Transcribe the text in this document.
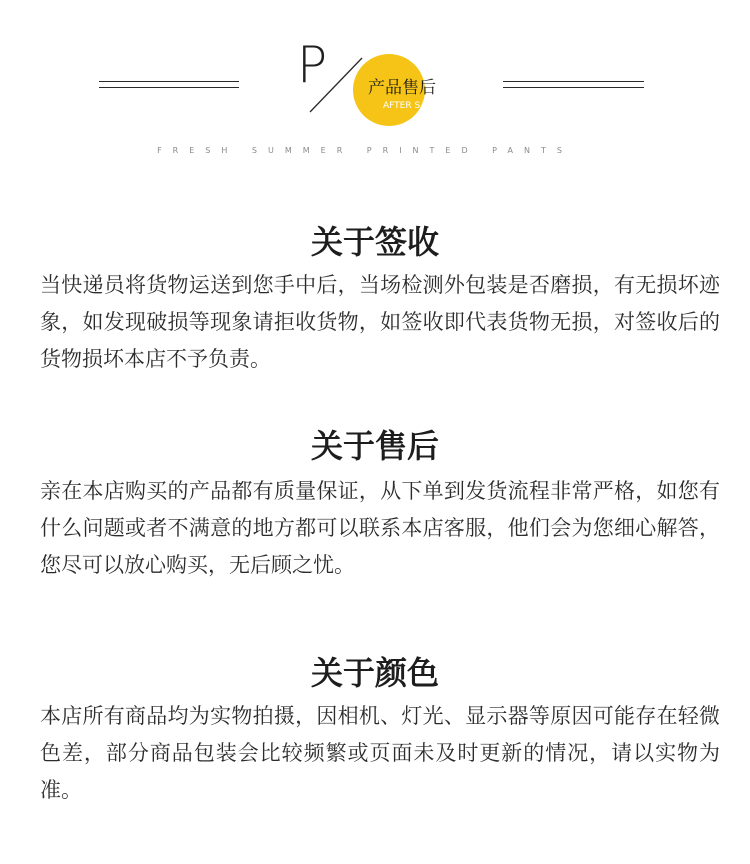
P 产品售后
AFTER SALES
FRESH SUMMER PRINTED PANTS
关于签收
当快递员将货物运送到您手中后，当场检测外包装是否磨损，有无损坏迹象，如发现破损等现象请拒收货物，如签收即代表货物无损，对签收后的货物损坏本店不予负责。
关于售后
亲在本店购买的产品都有质量保证，从下单到发货流程非常严格，如您有什么问题或者不满意的地方都可以联系本店客服，他们会为您细心解答，您尽可以放心购买，无后顾之忧。
关于颜色
本店所有商品均为实物拍摄，因相机、灯光、显示器等原因可能存在轻微色差，部分商品包装会比较频繁或页面未及时更新的情况，请以实物为准。
